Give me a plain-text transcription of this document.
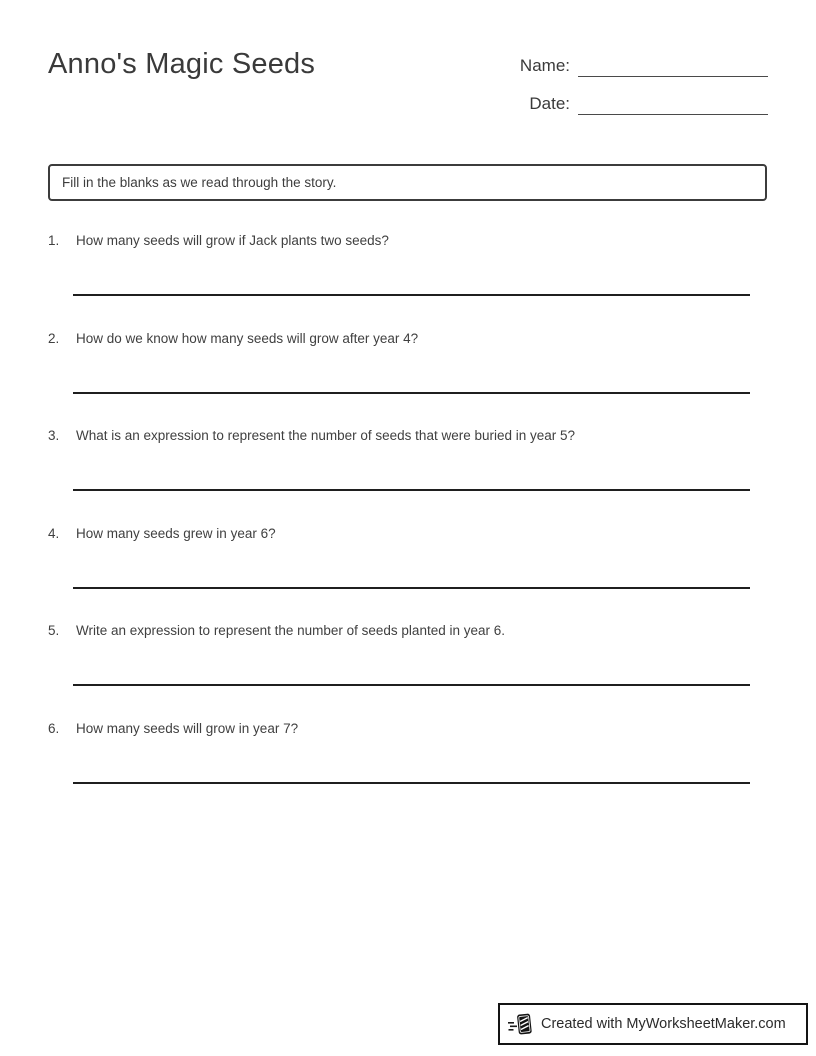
Anno's Magic Seeds	Name:
Date:
Fill in the blanks as we read through the story.
1.	How many seeds will grow if Jack plants two seeds?
2.	How do we know how many seeds will grow after year 4?
3.	What is an expression to represent the number of seeds that were buried in year 5?
4.	How many seeds grew in year 6?
5.	Write an expression to represent the number of seeds planted in year 6.
6.	How many seeds will grow in year 7?
Created with MyWorksheetMaker.com
